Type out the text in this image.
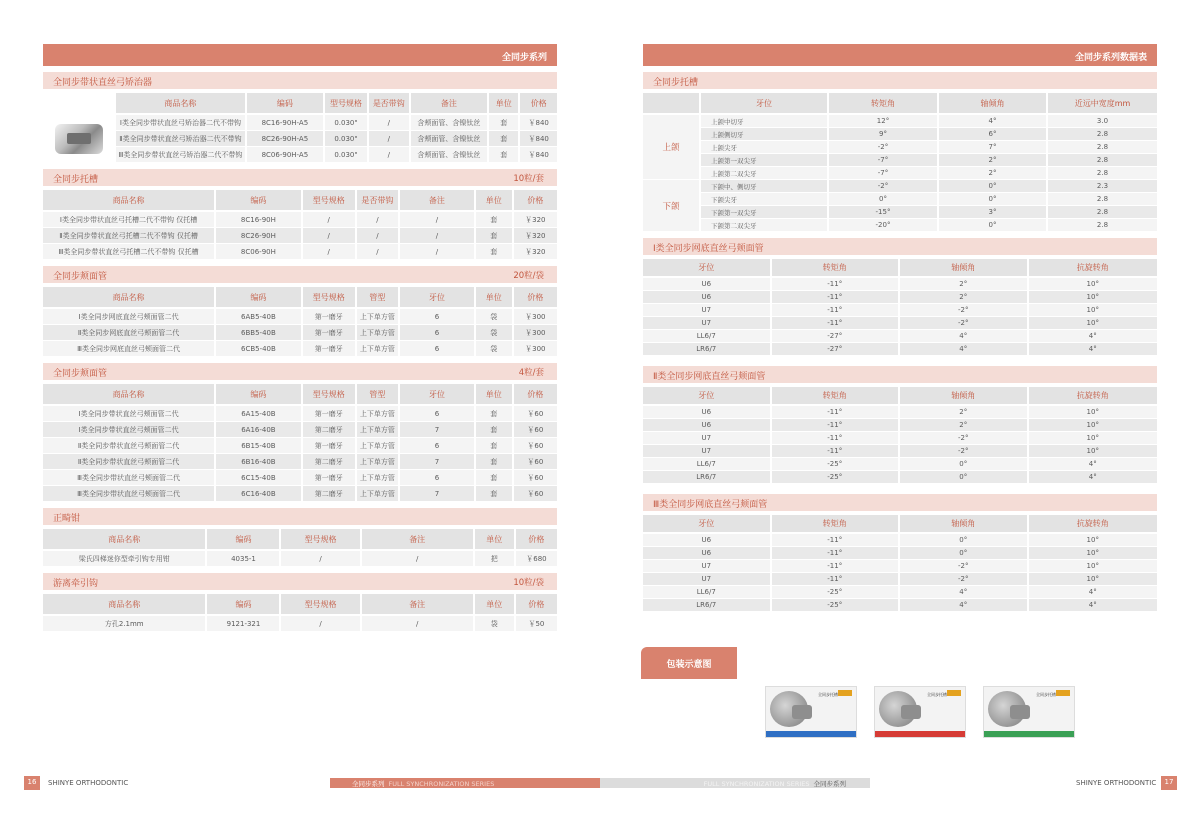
全同步系列
全同步带状直丝弓矫治器
	商品名称	编码	型号规格	是否带钩	备注	单位	价格

	Ⅰ类全同步带状直丝弓矫治器二代不带钩	8C16-90H-A5	0.030"	/	含颊面管、含镍钛丝	套	￥840
	Ⅱ类全同步带状直丝弓矫治器二代不带钩	8C26-90H-A5	0.030"	/	含颊面管、含镍钛丝	套	￥840
	Ⅲ类全同步带状直丝弓矫治器二代不带钩	8C06-90H-A5	0.030"	/	含颊面管、含镍钛丝	套	￥840
全同步托槽	10粒/套
商品名称	编码	型号规格	是否带钩	备注	单位	价格
Ⅰ类全同步带状直丝弓托槽二代不带钩 仅托槽	8C16-90H	/	/	/	套	￥320
Ⅱ类全同步带状直丝弓托槽二代不带钩 仅托槽	8C26-90H	/	/	/	套	￥320
Ⅲ类全同步带状直丝弓托槽二代不带钩 仅托槽	8C06-90H	/	/	/	套	￥320
全同步颊面管	20粒/袋
商品名称	编码	型号规格	管型	牙位	单位	价格
Ⅰ类全同步网底直丝弓颊面管二代	6AB5-40B	第一磨牙	上下单方管	6	袋	￥300
Ⅱ类全同步网底直丝弓颊面管二代	6BB5-40B	第一磨牙	上下单方管	6	袋	￥300
Ⅲ类全同步网底直丝弓颊面管二代	6CB5-40B	第一磨牙	上下单方管	6	袋	￥300
全同步颊面管	4粒/套
商品名称	编码	型号规格	管型	牙位	单位	价格
Ⅰ类全同步带状直丝弓颊面管二代	6A15-40B	第一磨牙	上下单方管	6	套	￥60
Ⅰ类全同步带状直丝弓颊面管二代	6A16-40B	第二磨牙	上下单方管	7	套	￥60
Ⅱ类全同步带状直丝弓颊面管二代	6B15-40B	第一磨牙	上下单方管	6	套	￥60
Ⅱ类全同步带状直丝弓颊面管二代	6B16-40B	第二磨牙	上下单方管	7	套	￥60
Ⅲ类全同步带状直丝弓颊面管二代	6C15-40B	第一磨牙	上下单方管	6	套	￥60
Ⅲ类全同步带状直丝弓颊面管二代	6C16-40B	第二磨牙	上下单方管	7	套	￥60
正畸钳
商品名称	编码	型号规格	备注	单位	价格
梁氏四梯迷你型牵引钩专用钳	4035-1	/	/	把	￥680
游离牵引钩	10粒/袋
商品名称	编码	型号规格	备注	单位	价格
方孔2.1mm	9121-321	/	/	袋	￥50
全同步系列数据表
全同步托槽
	牙位	转矩角	轴倾角	近远中宽度mm
上颌	上颌中切牙	12°	4°	3.0
	上颌侧切牙	9°	6°	2.8
	上颌尖牙	-2°	7°	2.8
	上颌第一双尖牙	-7°	2°	2.8
	上颌第二双尖牙	-7°	2°	2.8
下颌	下颌中、侧切牙	-2°	0°	2.3
	下颌尖牙	0°	0°	2.8
	下颌第一双尖牙	-15°	3°	2.8
	下颌第二双尖牙	-20°	0°	2.8
Ⅰ类全同步网底直丝弓颊面管
牙位	转矩角	轴倾角	抗旋转角
U6	-11°	2°	10°
U6	-11°	2°	10°
U7	-11°	-2°	10°
U7	-11°	-2°	10°
LL6/7	-27°	4°	4°
LR6/7	-27°	4°	4°
Ⅱ类全同步网底直丝弓颊面管
牙位	转矩角	轴倾角	抗旋转角
U6	-11°	2°	10°
U6	-11°	2°	10°
U7	-11°	-2°	10°
U7	-11°	-2°	10°
LL6/7	-25°	0°	4°
LR6/7	-25°	0°	4°
Ⅲ类全同步网底直丝弓颊面管
牙位	转矩角	轴倾角	抗旋转角
U6	-11°	0°	10°
U6	-11°	0°	10°
U7	-11°	-2°	10°
U7	-11°	-2°	10°
LL6/7	-25°	4°	4°
LR6/7	-25°	4°	4°
包装示意图
全同步托槽	全同步托槽	全同步托槽
16	SHINYE ORTHODONTIC	全同步系列 FULL SYNCHRONIZATION SERIES	FULL SYNCHRONIZATION SERIES 全同步系列	SHINYE ORTHODONTIC	17
